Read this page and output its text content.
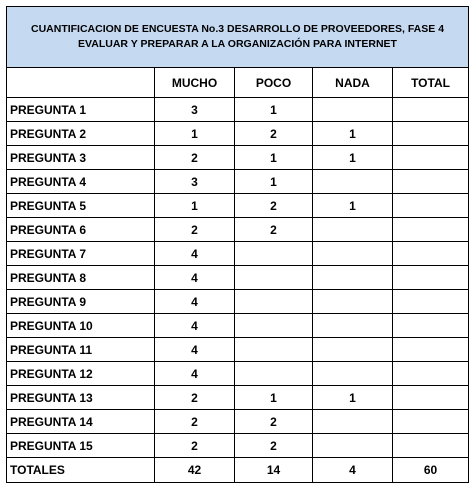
CUANTIFICACION DE ENCUESTA No.3 DESARROLLO DE PROVEEDORES, FASE 4 EVALUAR Y PREPARAR A LA ORGANIZACIÓN PARA INTERNET				
	MUCHO	POCO	NADA	TOTAL
PREGUNTA 1	3	1		
PREGUNTA 2	1	2	1	
PREGUNTA 3	2	1	1	
PREGUNTA 4	3	1		
PREGUNTA 5	1	2	1	
PREGUNTA 6	2	2		
PREGUNTA 7	4			
PREGUNTA 8	4			
PREGUNTA 9	4			
PREGUNTA 10	4			
PREGUNTA 11	4			
PREGUNTA 12	4			
PREGUNTA 13	2	1	1	
PREGUNTA 14	2	2		
PREGUNTA 15	2	2		
TOTALES	42	14	4	60
